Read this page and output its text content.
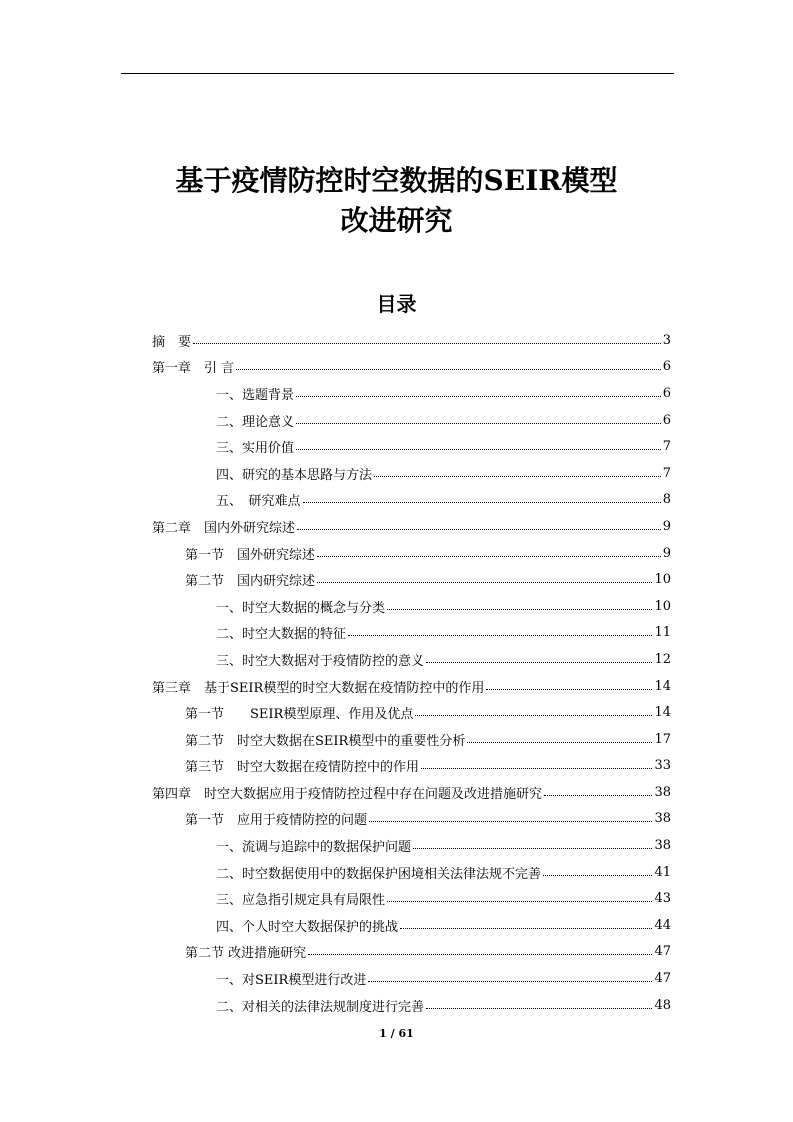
基于疫情防控时空数据的SEIR模型
改进研究
目录
摘　要	3
第一章　引 言	6
一、选题背景	6
二、理论意义	6
三、实用价值	7
四、研究的基本思路与方法	7
五、　研究难点	8
第二章　国内外研究综述	9
第一节　国外研究综述	9
第二节　国内研究综述	10
一、时空大数据的概念与分类	10
二、时空大数据的特征	11
三、时空大数据对于疫情防控的意义	12
第三章　基于SEIR模型的时空大数据在疫情防控中的作用	14
第一节　　SEIR模型原理、作用及优点	14
第二节　时空大数据在SEIR模型中的重要性分析	17
第三节　时空大数据在疫情防控中的作用	33
第四章　时空大数据应用于疫情防控过程中存在问题及改进措施研究	38
第一节　应用于疫情防控的问题	38
一、流调与追踪中的数据保护问题	38
二、时空数据使用中的数据保护困境相关法律法规不完善	41
三、应急指引规定具有局限性	43
四、个人时空大数据保护的挑战	44
第二节 改进措施研究	47
一、对SEIR模型进行改进	47
二、对相关的法律法规制度进行完善	48

1 / 61
